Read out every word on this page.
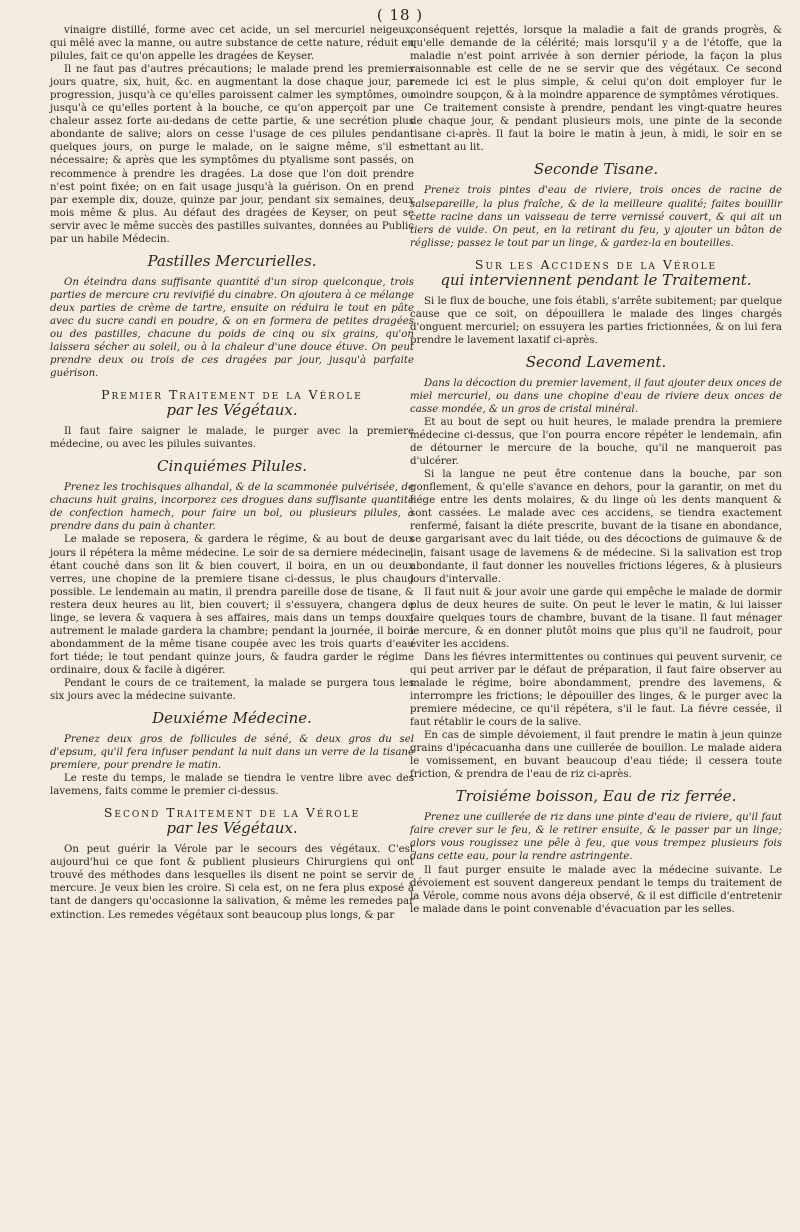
( 18 )

vinaigre distillé, forme avec cet acide, un sel mercuriel neigeux, qui mêlé avec la manne, ou autre substance de cette nature, réduit en pilules, fait ce qu'on appelle les dragées de Keyser.

Il ne faut pas d'autres précautions; le malade prend les premiers jours quatre, six, huit, &c. en augmentant la dose chaque jour, par progression, jusqu'à ce qu'elles paroissent calmer les symptômes, ou jusqu'à ce qu'elles portent à la bouche, ce qu'on apperçoit par une chaleur assez forte au-dedans de cette partie, & une secrétion plus abondante de salive; alors on cesse l'usage de ces pilules pendant quelques jours, on purge le malade, on le saigne même, s'il est nécessaire; & après que les symptômes du ptyalisme sont passés, on recommence à prendre les dragées. La dose que l'on doit prendre n'est point fixée; on en fait usage jusqu'à la guérison. On en prend par exemple dix, douze, quinze par jour, pendant six semaines, deux mois même & plus. Au défaut des dragées de Keyser, on peut se servir avec le même succès des pastilles suivantes, données au Public par un habile Médecin.

Pastilles Mercurielles.

On éteindra dans suffisante quantité d'un sirop quelconque, trois parties de mercure cru revivifié du cinabre. On ajoutera à ce mélange deux parties de crème de tartre, ensuite on réduira le tout en pâte avec du sucre candi en poudre, & on en formera de petites dragées ou des pastilles, chacune du poids de cinq ou six grains, qu'on laissera sécher au soleil, ou à la chaleur d'une douce étuve. On peut prendre deux ou trois de ces dragées par jour, jusqu'à parfaite guérison.

Premier Traitement de la Vérole
par les Végétaux.

Il faut faire saigner le malade, le purger avec la premiere médecine, ou avec les pilules suivantes.

Cinquiémes Pilules.

Prenez les trochisques alhandal, & de la scammonée pulvérisée, de chacuns huit grains, incorporez ces drogues dans suffisante quantité de confection hamech, pour faire un bol, ou plusieurs pilules, à prendre dans du pain à chanter.

Le malade se reposera, & gardera le régime, & au bout de deux jours il répétera la même médecine. Le soir de sa derniere médecine, étant couché dans son lit & bien couvert, il boira, en un ou deux verres, une chopine de la premiere tisane ci-dessus, le plus chaud possible. Le lendemain au matin, il prendra pareille dose de tisane, & restera deux heures au lit, bien couvert; il s'essuyera, changera de linge, se levera & vaquera à ses affaires, mais dans un temps doux; autrement le malade gardera la chambre; pendant la journée, il boira abondamment de la même tisane coupée avec les trois quarts d'eau fort tiéde; le tout pendant quinze jours, & faudra garder le régime ordinaire, doux & facile à digérer.

Pendant le cours de ce traitement, la malade se purgera tous les six jours avec la médecine suivante.

Deuxiéme Médecine.

Prenez deux gros de follicules de séné, & deux gros du sel d'epsum, qu'il fera infuser pendant la nuit dans un verre de la tisane premiere, pour prendre le matin.

Le reste du temps, le malade se tiendra le ventre libre avec des lavemens, faits comme le premier ci-dessus.

Second Traitement de la Vérole
par les Végétaux.

On peut guérir la Vérole par le secours des végétaux. C'est aujourd'hui ce que font & publient plusieurs Chirurgiens qui ont trouvé des méthodes dans lesquelles ils disent ne point se servir de mercure. Je veux bien les croire. Si cela est, on ne fera plus exposé à tant de dangers qu'occasionne la salivation, & même les remedes par extinction. Les remedes végétaux sont beaucoup plus longs, & par

conséquent rejettés, lorsque la maladie a fait de grands progrès, & qu'elle demande de la célérité; mais lorsqu'il y a de l'étoffe, que la maladie n'est point arrivée à son dernier période, la façon la plus raisonnable est celle de ne se servir que des végétaux. Ce second remede ici est le plus simple, & celui qu'on doit employer fur le moindre soupçon, & à la moindre apparence de symptômes vérotiques.

Ce traitement consiste à prendre, pendant les vingt-quatre heures de chaque jour, & pendant plusieurs mois, une pinte de la seconde tisane ci-après. Il faut la boire le matin à jeun, à midi, le soir en se mettant au lit.

Seconde Tisane.

Prenez trois pintes d'eau de riviere, trois onces de racine de salsepareille, la plus fraîche, & de la meilleure qualité; faites bouillir cette racine dans un vaisseau de terre vernissé couvert, & qui ait un tiers de vuide. On peut, en la retirant du feu, y ajouter un bâton de réglisse; passez le tout par un linge, & gardez-la en bouteilles.

Sur les Accidens de la Vérole
qui interviennent pendant le Traitement.

Si le flux de bouche, une fois établi, s'arrête subitement; par quelque cause que ce soit, on dépouillera le malade des linges chargés d'onguent mercuriel; on essuyera les parties frictionnées, & on lui fera prendre le lavement laxatif ci-après.

Second Lavement.

Dans la décoction du premier lavement, il faut ajouter deux onces de miel mercuriel, ou dans une chopine d'eau de riviere deux onces de casse mondée, & un gros de cristal minéral.

Et au bout de sept ou huit heures, le malade prendra la premiere médecine ci-dessus, que l'on pourra encore répéter le lendemain, afin de détourner le mercure de la bouche, qu'il ne manqueroit pas d'ulcérer.

Si la langue ne peut être contenue dans la bouche, par son gonflement, & qu'elle s'avance en dehors, pour la garantir, on met du liége entre les dents molaires, & du linge où les dents manquent & sont cassées. Le malade avec ces accidens, se tiendra exactement renfermé, faisant la diéte prescrite, buvant de la tisane en abondance, se gargarisant avec du lait tiéde, ou des décoctions de guimauve & de lin, faisant usage de lavemens & de médecine. Si la salivation est trop abondante, il faut donner les nouvelles frictions légeres, & à plusieurs jours d'intervalle.

Il faut nuit & jour avoir une garde qui empêche le malade de dormir plus de deux heures de suite. On peut le lever le matin, & lui laisser faire quelques tours de chambre, buvant de la tisane. Il faut ménager le mercure, & en donner plutôt moins que plus qu'il ne faudroit, pour éviter les accidens.

Dans les fiévres intermittentes ou continues qui peuvent survenir, ce qui peut arriver par le défaut de préparation, il faut faire observer au malade le régime, boire abondamment, prendre des lavemens, & interrompre les frictions; le dépouiller des linges, & le purger avec la premiere médecine, ce qu'il répétera, s'il le faut. La fiévre cessée, il faut rétablir le cours de la salive.

En cas de simple dévoiement, il faut prendre le matin à jeun quinze grains d'ipécacuanha dans une cuillerée de bouillon. Le malade aidera le vomissement, en buvant beaucoup d'eau tiéde; il cessera toute friction, & prendra de l'eau de riz ci-après.

Troisiéme boisson, Eau de riz ferrée.

Prenez une cuillerée de riz dans une pinte d'eau de riviere, qu'il faut faire crever sur le feu, & le retirer ensuite, & le passer par un linge; alors vous rougissez une pêle à feu, que vous trempez plusieurs fois dans cette eau, pour la rendre astringente.

Il faut purger ensuite le malade avec la médecine suivante. Le dévoiement est souvent dangereux pendant le temps du traitement de la Vérole, comme nous avons déja observé, & il est difficile d'entretenir le malade dans le point convenable d'évacuation par les selles.
